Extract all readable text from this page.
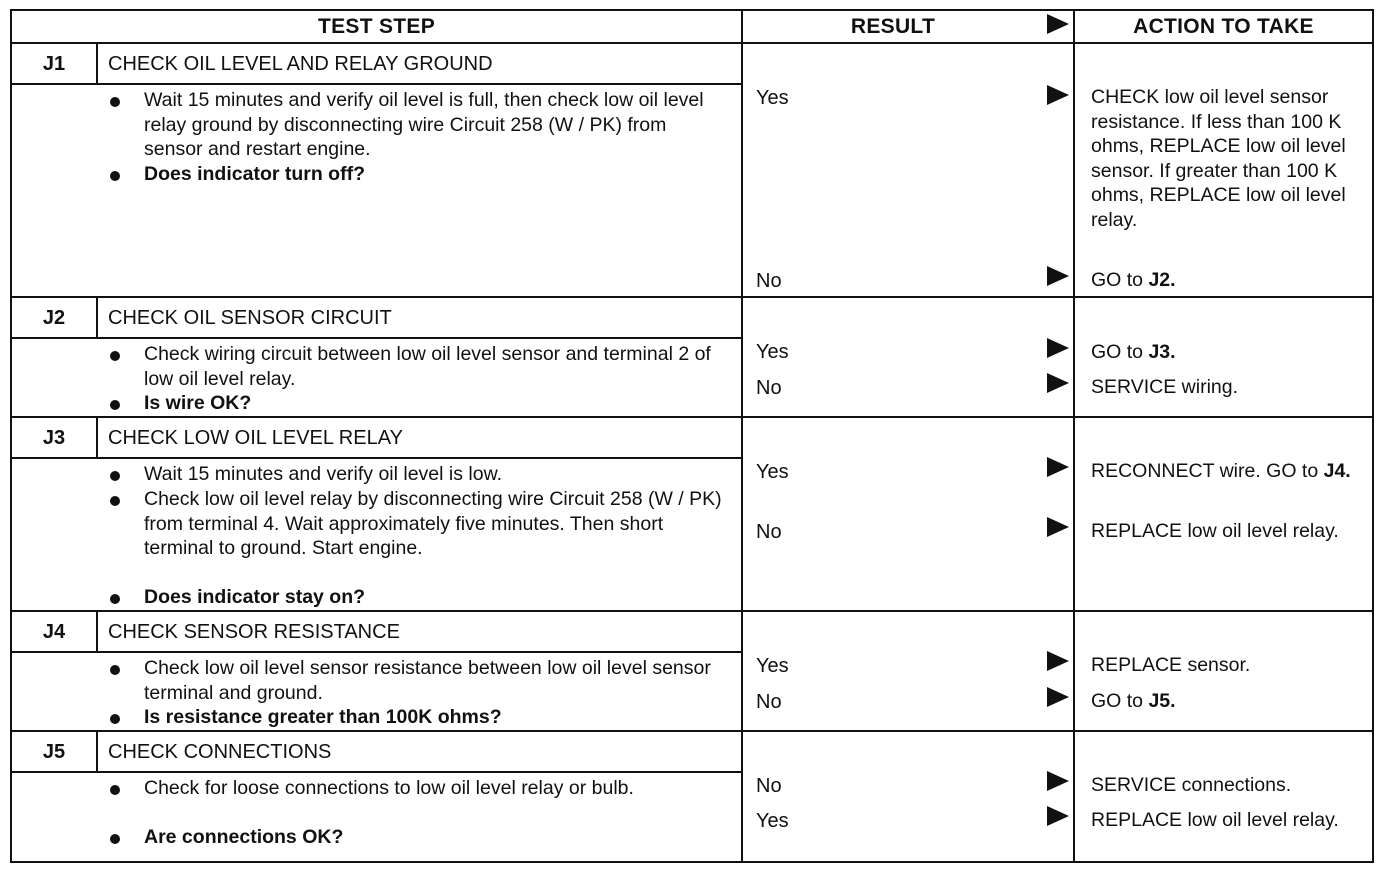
TEST STEP	RESULT	ACTION TO TAKE
J1	CHECK OIL LEVEL AND RELAY GROUND
Wait 15 minutes and verify oil level is full, then check low oil level relay ground by disconnecting wire Circuit 258 (W / PK) from sensor and restart engine.
Does indicator turn off?
Yes	CHECK low oil level sensor resistance. If less than 100 K ohms, REPLACE low oil level sensor. If greater than 100 K ohms, REPLACE low oil level relay.
No	GO to J2.
J2	CHECK OIL SENSOR CIRCUIT
Check wiring circuit between low oil level sensor and terminal 2 of low oil level relay.
Is wire OK?
Yes	GO to J3.
No	SERVICE wiring.
J3	CHECK LOW OIL LEVEL RELAY
Wait 15 minutes and verify oil level is low.
Check low oil level relay by disconnecting wire Circuit 258 (W / PK) from terminal 4. Wait approximately five minutes. Then short terminal to ground. Start engine.
Does indicator stay on?
Yes	RECONNECT wire. GO to J4.
No	REPLACE low oil level relay.
J4	CHECK SENSOR RESISTANCE
Check low oil level sensor resistance between low oil level sensor terminal and ground.
Is resistance greater than 100K ohms?
Yes	REPLACE sensor.
No	GO to J5.
J5	CHECK CONNECTIONS
Check for loose connections to low oil level relay or bulb.
Are connections OK?
No	SERVICE connections.
Yes	REPLACE low oil level relay.
